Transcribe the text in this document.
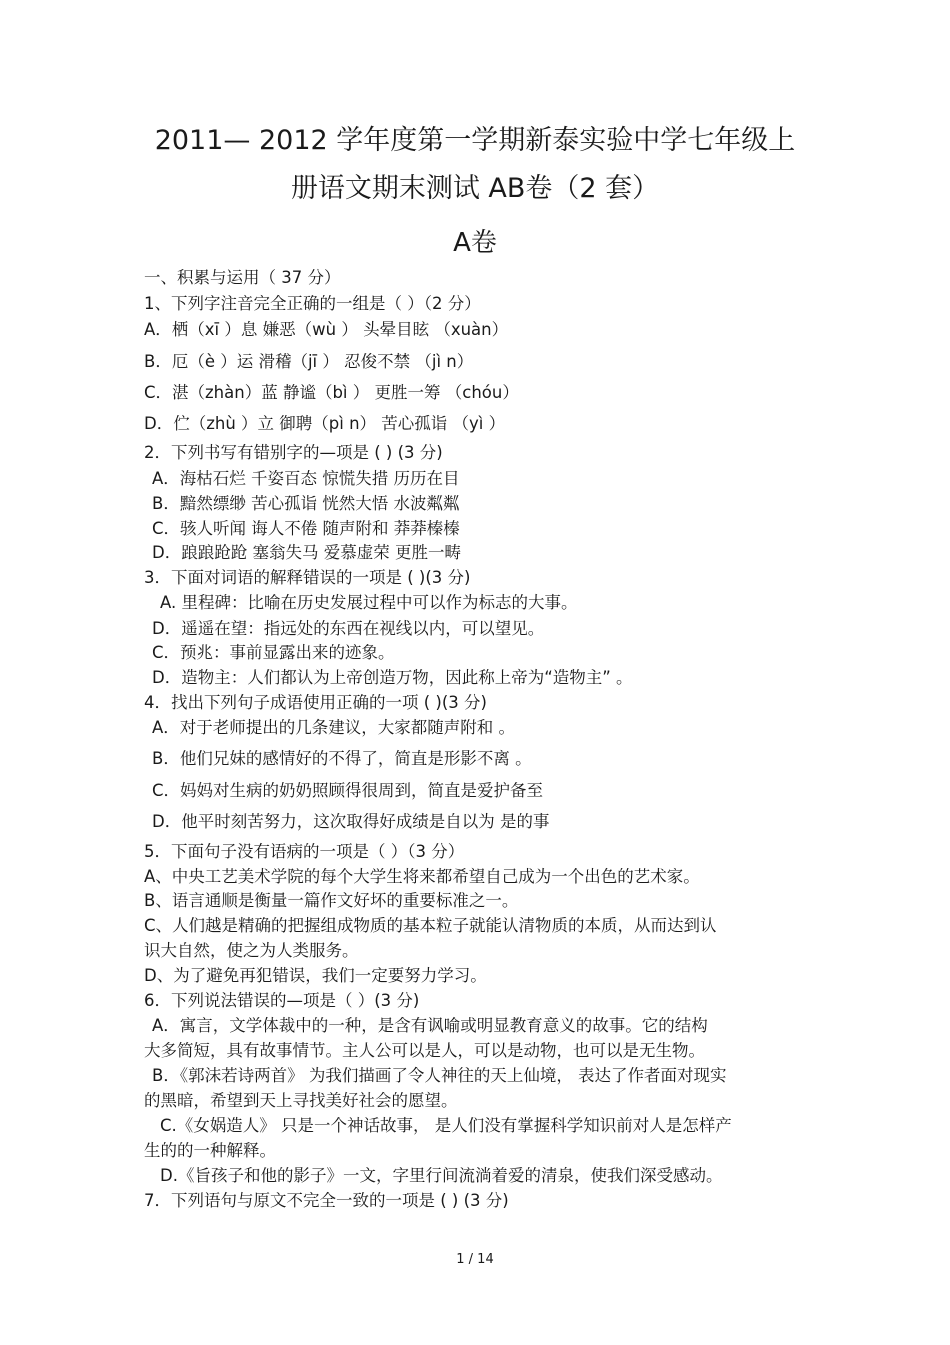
2011— 2012 学年度第一学期新泰实验中学七年级上
册语文期末测试 AB卷（2 套）
A卷
一、积累与运用（ 37 分）
1、下列字注音完全正确的一组是（ ）（2 分）
A．栖（xī ）息 嫌恶（wù ） 头晕目眩 （xuàn）
B．厄（è ）运 滑稽（jī ） 忍俊不禁 （jì n）
C．湛（zhàn）蓝 静谧（bì ） 更胜一筹 （chóu）
D．伫（zhù ）立 御聘（pì n） 苦心孤诣 （yì ）
2．下列书写有错别字的—项是 ( ) (3 分)
A．海枯石烂 千姿百态 惊慌失措 历历在目
B．黯然缥缈 苦心孤诣 恍然大悟 水波粼粼
C．骇人听闻 诲人不倦 随声附和 莽莽榛榛
D．踉踉跄跄 塞翁失马 爱慕虚荣 更胜一畴
3．下面对词语的解释错误的一项是 ( )(3 分)
A. 里程碑：比喻在历史发展过程中可以作为标志的大事。
D．遥遥在望：指远处的东西在视线以内，可以望见。
C．预兆：事前显露出来的迹象。
D．造物主：人们都认为上帝创造万物，因此称上帝为“造物主” 。
4．找出下列句子成语使用正确的一项 ( )(3 分)
A．对于老师提出的几条建议，大家都随声附和 。
B．他们兄妹的感情好的不得了，简直是形影不离 。
C．妈妈对生病的奶奶照顾得很周到，简直是爱护备至
D．他平时刻苦努力，这次取得好成绩是自以为 是的事
5．下面句子没有语病的一项是（ ）（3 分）
A、中央工艺美术学院的每个大学生将来都希望自己成为一个出色的艺术家。
B、语言通顺是衡量一篇作文好坏的重要标准之一。
C、人们越是精确的把握组成物质的基本粒子就能认清物质的本质，从而达到认
识大自然，使之为人类服务。
D、为了避免再犯错误，我们一定要努力学习。
6．下列说法错误的—项是（ ）(3 分)
A．寓言，文学体裁中的一种，是含有讽喻或明显教育意义的故事。它的结构
大多简短，具有故事情节。主人公可以是人，可以是动物，也可以是无生物。
B．《郭沫若诗两首》 为我们描画了令人神往的天上仙境， 表达了作者面对现实
的黑暗，希望到天上寻找美好社会的愿望。
C.《女娲造人》 只是一个神话故事， 是人们没有掌握科学知识前对人是怎样产
生的的一种解释。
D.《旨孩子和他的影子》一文，字里行间流淌着爱的清泉，使我们深受感动。
7．下列语句与原文不完全一致的一项是 ( ) (3 分)
1 / 14
